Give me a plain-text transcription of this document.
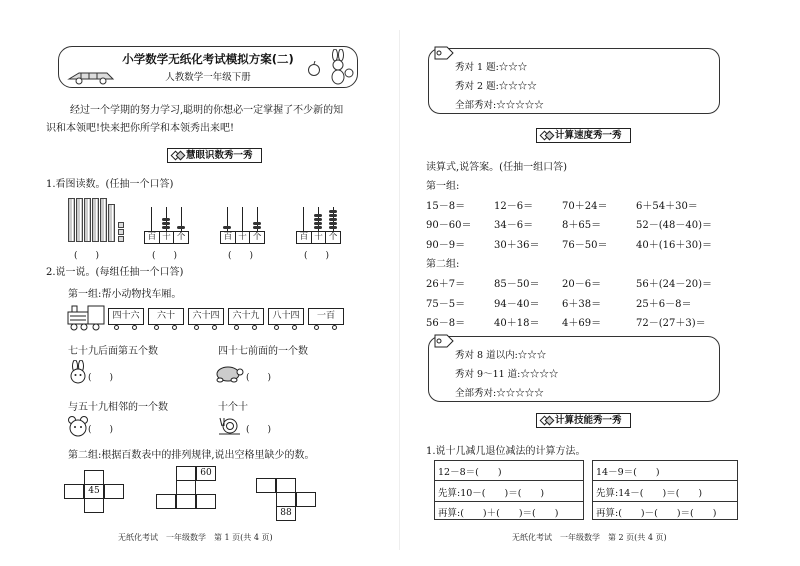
小学数学无纸化考试模拟方案(二)
人教数学一年级下册
经过一个学期的努力学习,聪明的你想必一定掌握了不少新的知
识和本领吧!快来把你所学和本领秀出来吧!
慧眼识数秀一秀
1.看图读数。(任抽一个口答)
(　　)
百 十 个
(　　)
百 十 个
(　　)
百 十 个
(　　)
2.说一说。(每组任抽一个口答)
第一组:帮小动物找车厢。
四十六	六十	六十四	六十九	八十四	一百
七十九后面第五个数	四十七前面的一个数
(　　)	(　　)
与五十九相邻的一个数	十个十
(　　)	(　　)
第二组:根据百数表中的排列规律,说出空格里缺少的数。
45
60
88
无纸化考试　一年级数学　第 1 页(共 4 页)
秀对 1 题:☆☆☆
秀对 2 题:☆☆☆☆
全部秀对:☆☆☆☆☆
计算速度秀一秀
读算式,说答案。(任抽一组口答)
第一组:
15－8＝	12－6＝	70＋24＝	6＋54＋30＝
90－60＝ 34－6＝	8＋65＝	52－(48－40)＝
90－9＝	30＋36＝ 76－50＝	40＋(16＋30)＝
第二组:
26＋7＝	85－50＝ 20－6＝	56＋(24－20)＝
75－5＝	94－40＝ 6＋38＝	25＋6－8＝
56－8＝	40＋18＝ 4＋69＝	72－(27＋3)＝
秀对 8 道以内:☆☆☆
秀对 9～11 道:☆☆☆☆
全部秀对:☆☆☆☆☆
计算技能秀一秀
1.说十几减几退位减法的计算方法。
12－8＝(　　)
先算:10－(　　)＝(　　)
再算:(　　)＋(　　)＝(　　)
14－9＝(　　)
先算:14－(　　)＝(　　)
再算:(　　)－(　　)＝(　　)
无纸化考试　一年级数学　第 2 页(共 4 页)
